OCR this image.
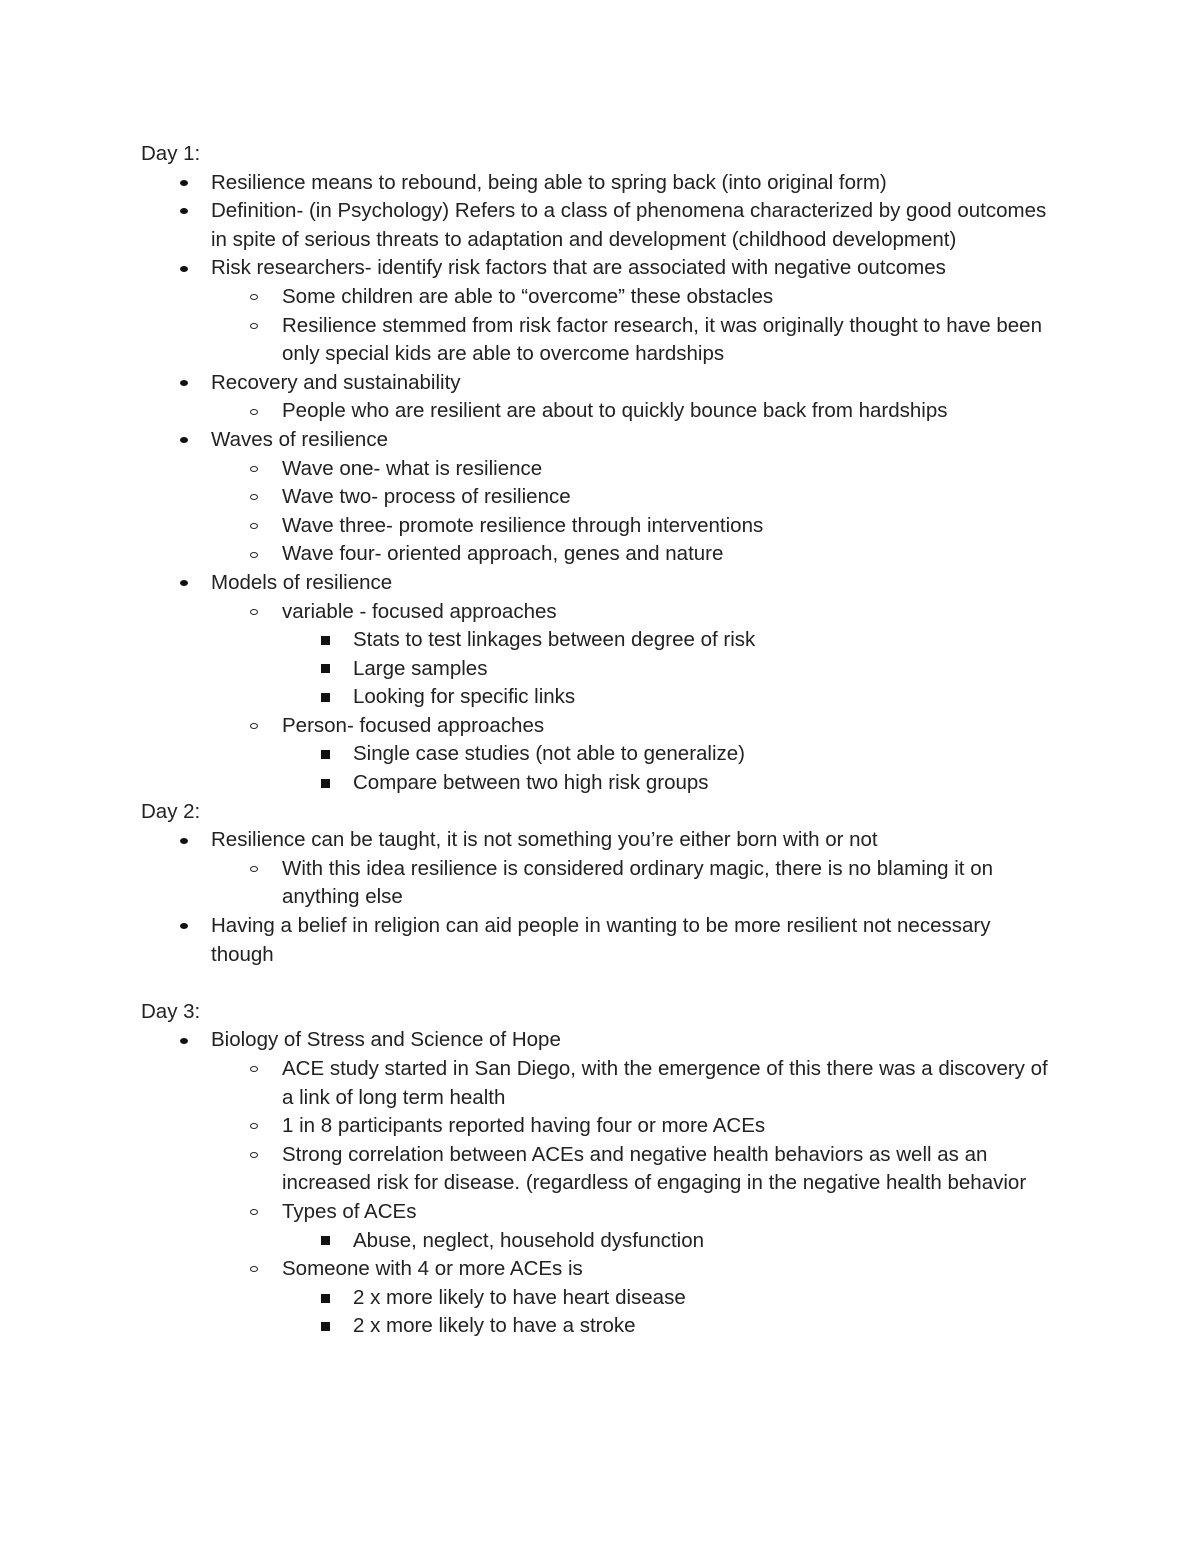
Day 1:

Resilience means to rebound, being able to spring back (into original form)
Definition- (in Psychology) Refers to a class of phenomena characterized by good outcomes in spite of serious threats to adaptation and development (childhood development)
Risk researchers- identify risk factors that are associated with negative outcomes
Some children are able to “overcome” these obstacles
Resilience stemmed from risk factor research, it was originally thought to have been only special kids are able to overcome hardships
Recovery and sustainability
People who are resilient are about to quickly bounce back from hardships
Waves of resilience
Wave one- what is resilience
Wave two- process of resilience
Wave three- promote resilience through interventions
Wave four- oriented approach, genes and nature
Models of resilience
variable - focused approaches
Stats to test linkages between degree of risk
Large samples
Looking for specific links
Person- focused approaches
Single case studies (not able to generalize)
Compare between two high risk groups

Day 2:

Resilience can be taught, it is not something you’re either born with or not
With this idea resilience is considered ordinary magic, there is no blaming it on anything else
Having a belief in religion can aid people in wanting to be more resilient not necessary though

Day 3:

Biology of Stress and Science of Hope
ACE study started in San Diego, with the emergence of this there was a discovery of a link of long term health
1 in 8 participants reported having four or more ACEs
Strong correlation between ACEs and negative health behaviors as well as an increased risk for disease. (regardless of engaging in the negative health behavior
Types of ACEs
Abuse, neglect, household dysfunction
Someone with 4 or more ACEs is
2 x more likely to have heart disease
2 x more likely to have a stroke
